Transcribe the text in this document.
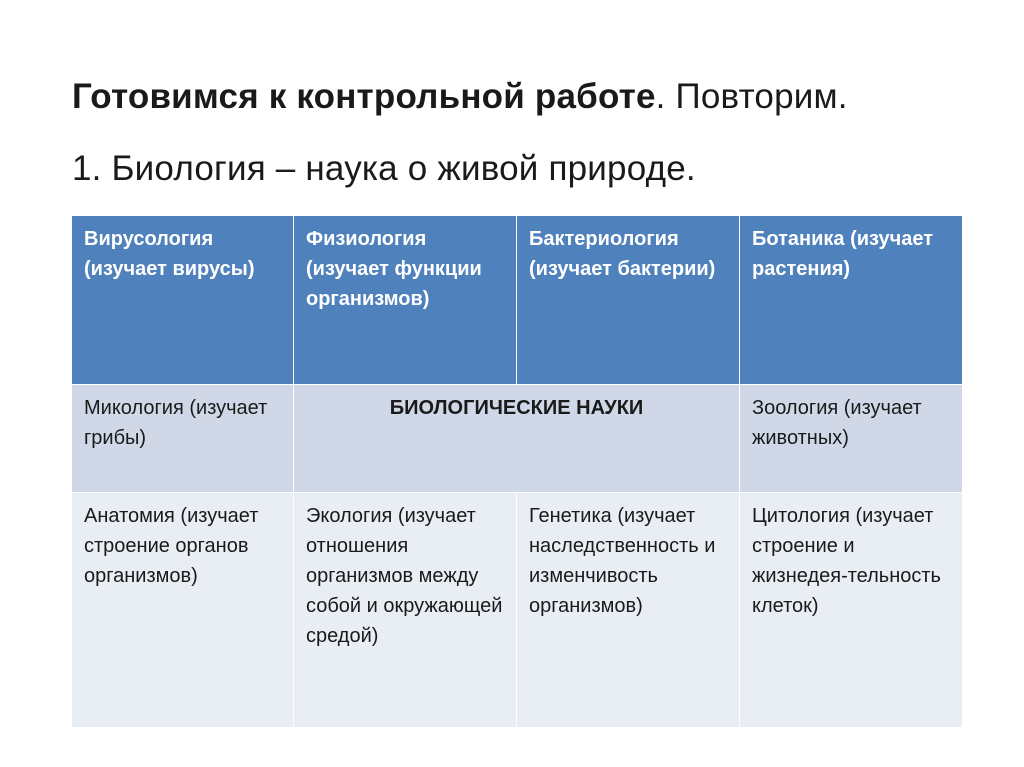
Готовимся к контрольной работе. Повторим.
1. Биология – наука о живой природе.
Вирусология (изучает вирусы)	Физиология (изучает функции организмов)	Бактериология (изучает бактерии)	Ботаника (изучает растения)
Микология (изучает грибы)	БИОЛОГИЧЕСКИЕ НАУКИ		Зоология (изучает животных)
Анатомия (изучает строение органов организмов)	Экология (изучает отношения организмов между собой и окружающей средой)	Генетика (изучает наследственность и изменчивость организмов)	Цитология (изучает строение и жизнедея-тельность клеток)
